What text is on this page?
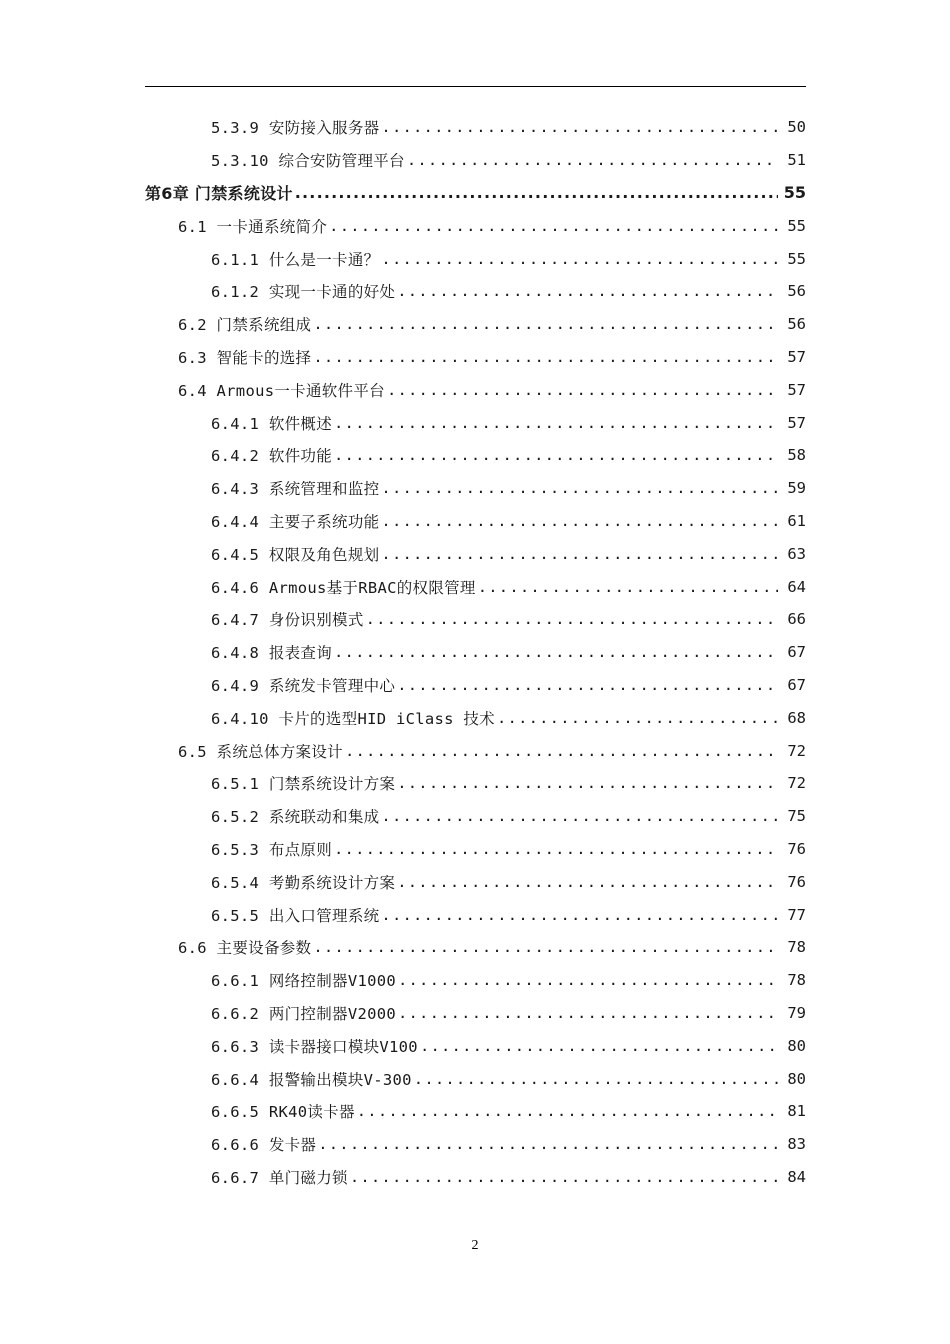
5.3.9 安防接入服务器 .....	50
5.3.10 综合安防管理平台 .....	51
第6章 门禁系统设计 .....	55
6.1 一卡通系统简介 .....	55
6.1.1 什么是一卡通？ .....	55
6.1.2 实现一卡通的好处 .....	56
6.2 门禁系统组成 .....	56
6.3 智能卡的选择 .....	57
6.4 Armous一卡通软件平台 .....	57
6.4.1 软件概述 .....	57
6.4.2 软件功能 .....	58
6.4.3 系统管理和监控 .....	59
6.4.4 主要子系统功能 .....	61
6.4.5 权限及角色规划 .....	63
6.4.6 Armous基于RBAC的权限管理 .....	64
6.4.7 身份识别模式 .....	66
6.4.8 报表查询 .....	67
6.4.9 系统发卡管理中心 .....	67
6.4.10 卡片的选型HID iClass 技术 .....	68
6.5 系统总体方案设计 .....	72
6.5.1 门禁系统设计方案 .....	72
6.5.2 系统联动和集成 .....	75
6.5.3 布点原则 .....	76
6.5.4 考勤系统设计方案 .....	76
6.5.5 出入口管理系统 .....	77
6.6 主要设备参数 .....	78
6.6.1 网络控制器V1000 .....	78
6.6.2 两门控制器V2000 .....	79
6.6.3 读卡器接口模块V100 .....	80
6.6.4 报警输出模块V-300 .....	80
6.6.5 RK40读卡器 .....	81
6.6.6 发卡器 .....	83
6.6.7 单门磁力锁 .....	84
2
